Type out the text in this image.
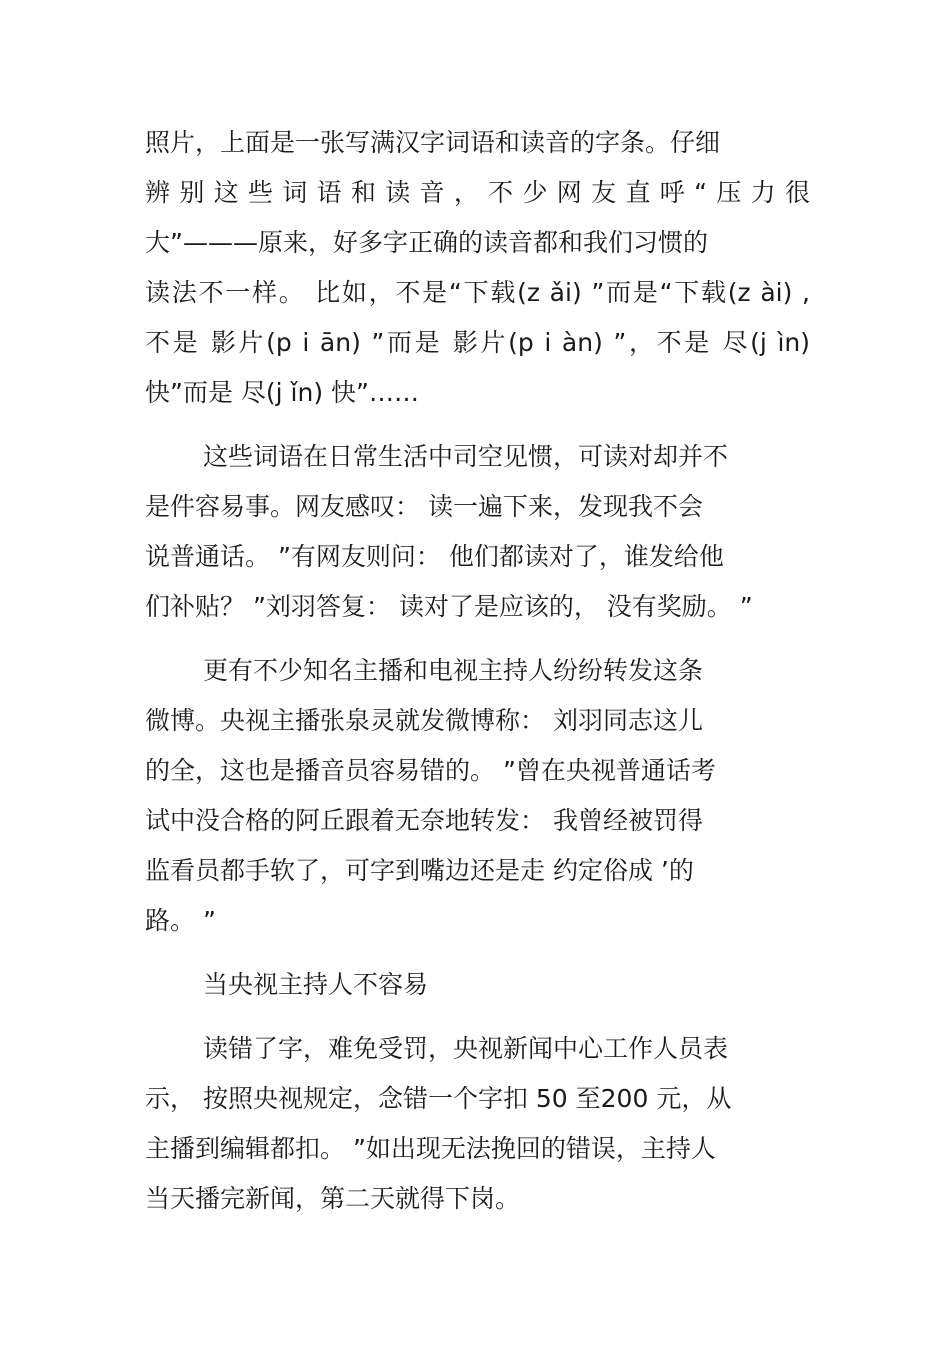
照片，上面是一张写满汉字词语和读音的字条。仔细
辨别这些词语和读音，不少网友直呼“压力很
大”———原来，好多字正确的读音都和我们习惯的
读法不一样。 比如，不是“下载(z ǎi) ”而是“下载(z ài) ,
不是 影片(p i ān) ”而是 影片(p i àn) ”，不是 尽(j ìn)
快”而是 尽(j ǐn) 快”……
这些词语在日常生活中司空见惯，可读对却并不
是件容易事。网友感叹： 读一遍下来，发现我不会
说普通话。 ”有网友则问： 他们都读对了，谁发给他
们补贴？ ”刘羽答复： 读对了是应该的， 没有奖励。 ”
更有不少知名主播和电视主持人纷纷转发这条
微博。央视主播张泉灵就发微博称： 刘羽同志这儿
的全，这也是播音员容易错的。 ”曾在央视普通话考
试中没合格的阿丘跟着无奈地转发： 我曾经被罚得
监看员都手软了，可字到嘴边还是走 约定俗成 ’的
路。 ”
当央视主持人不容易
读错了字，难免受罚，央视新闻中心工作人员表
示， 按照央视规定，念错一个字扣 50 至200 元，从
主播到编辑都扣。 ”如出现无法挽回的错误，主持人
当天播完新闻，第二天就得下岗。
